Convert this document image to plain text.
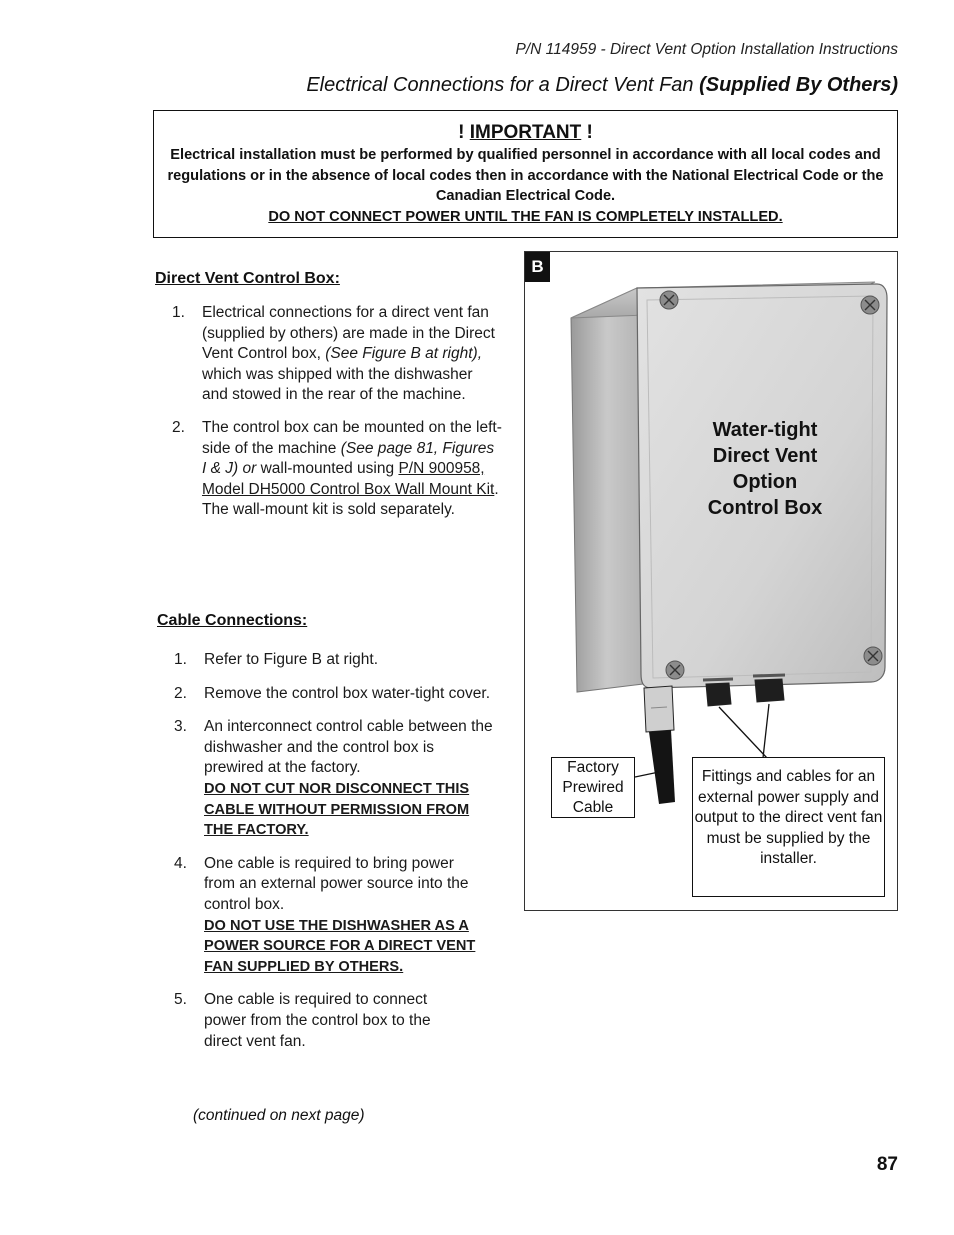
P/N 114959 - Direct Vent Option Installation Instructions
Electrical Connections for a Direct Vent Fan (Supplied By Others)
! IMPORTANT !
Electrical installation must be performed by qualified personnel in accordance with all local codes and regulations or in the absence of local codes then in accordance with the National Electrical Code or the Canadian Electrical Code.
DO NOT CONNECT POWER UNTIL THE FAN IS COMPLETELY INSTALLED.
Direct Vent Control Box:
1. Electrical connections for a direct vent fan (supplied by others) are made in the Direct Vent Control box, (See Figure B at right), which was shipped with the dishwasher and stowed in the rear of the machine.
2. The control box can be mounted on the left-side of the machine (See page 81, Figures I & J) or wall-mounted using P/N 900958, Model DH5000 Control Box Wall Mount Kit. The wall-mount kit is sold separately.
Cable Connections:
1. Refer to Figure B at right.
2. Remove the control box water-tight cover.
3. An interconnect control cable between the dishwasher and the control box is prewired at the factory.
DO NOT CUT NOR DISCONNECT THIS CABLE WITHOUT PERMISSION FROM THE FACTORY.
4. One cable is required to bring power from an external power source into the control box.
DO NOT USE THE DISHWASHER AS A POWER SOURCE FOR A DIRECT VENT FAN SUPPLIED BY OTHERS.
5. One cable is required to connect power from the control box to the direct vent fan.
(continued on next page)
87
B
Water-tight Direct Vent Option Control Box
Factory Prewired Cable
Fittings and cables for an external power supply and output to the direct vent fan must be supplied by the installer.
